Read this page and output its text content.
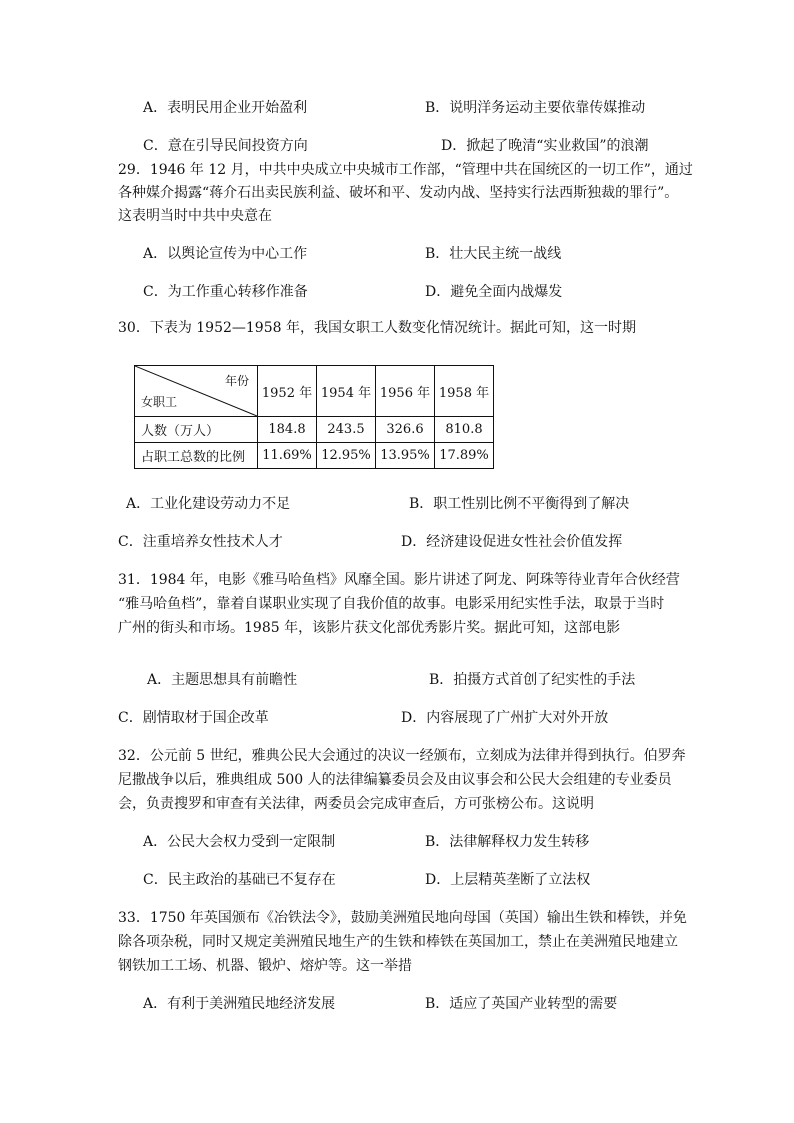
A．表明民用企业开始盈利	B．说明洋务运动主要依靠传媒推动
C．意在引导民间投资方向	D．掀起了晚清“实业救国”的浪潮
29．1946 年 12 月，中共中央成立中央城市工作部，“管理中共在国统区的一切工作”，通过
各种媒介揭露“蒋介石出卖民族利益、破坏和平、发动内战、坚持实行法西斯独裁的罪行”。
这表明当时中共中央意在
A．以舆论宣传为中心工作	B．壮大民主统一战线
C．为工作重心转移作准备	D．避免全面内战爆发
30．下表为 1952—1958 年，我国女职工人数变化情况统计。据此可知，这一时期
年份
女职工	1952 年	1954 年	1956 年	1958 年
人数（万人）	184.8	243.5	326.6	810.8
占职工总数的比例	11.69%	12.95%	13.95%	17.89%
A．工业化建设劳动力不足	B．职工性别比例不平衡得到了解决
C．注重培养女性技术人才	D．经济建设促进女性社会价值发挥
31．1984 年，电影《雅马哈鱼档》风靡全国。影片讲述了阿龙、阿珠等待业青年合伙经营
“雅马哈鱼档”，靠着自谋职业实现了自我价值的故事。电影采用纪实性手法，取景于当时
广州的街头和市场。1985 年，该影片获文化部优秀影片奖。据此可知，这部电影
A．主题思想具有前瞻性	B．拍摄方式首创了纪实性的手法
C．剧情取材于国企改革	D．内容展现了广州扩大对外开放
32．公元前 5 世纪，雅典公民大会通过的决议一经颁布，立刻成为法律并得到执行。伯罗奔
尼撒战争以后，雅典组成 500 人的法律编纂委员会及由议事会和公民大会组建的专业委员
会，负责搜罗和审查有关法律，两委员会完成审查后，方可张榜公布。这说明
A．公民大会权力受到一定限制	B．法律解释权力发生转移
C．民主政治的基础已不复存在	D．上层精英垄断了立法权
33．1750 年英国颁布《冶铁法令》，鼓励美洲殖民地向母国（英国）输出生铁和棒铁，并免
除各项杂税，同时又规定美洲殖民地生产的生铁和棒铁在英国加工，禁止在美洲殖民地建立
钢铁加工工场、机器、锻炉、熔炉等。这一举措
A．有利于美洲殖民地经济发展	B．适应了英国产业转型的需要
